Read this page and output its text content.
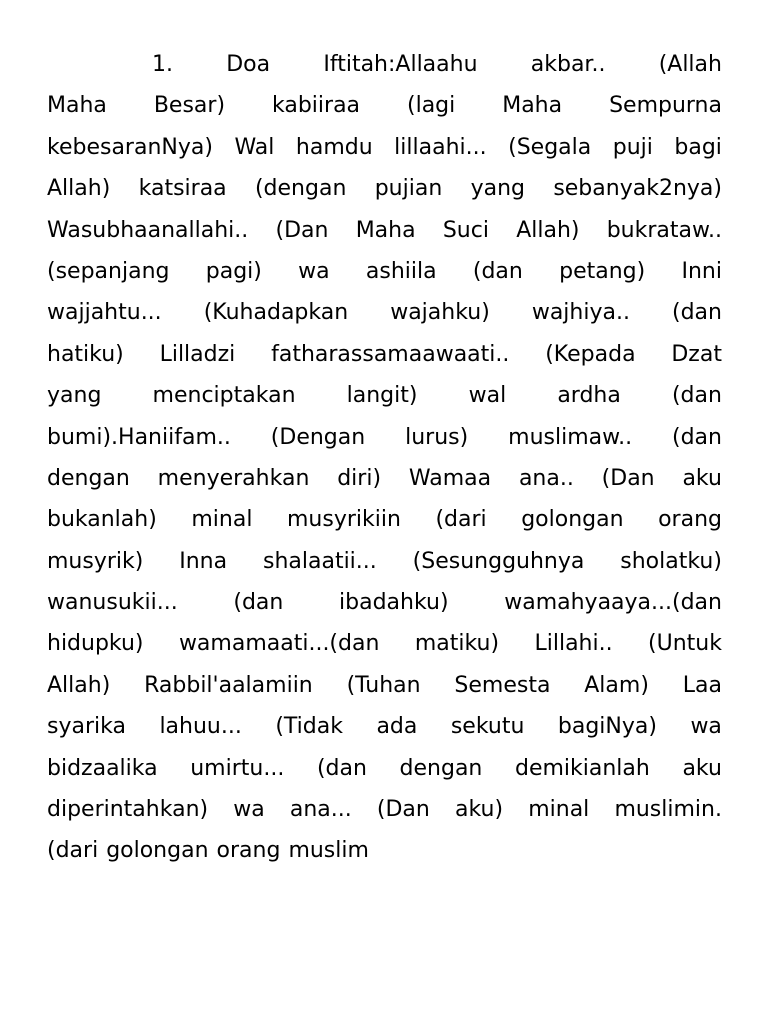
1. Doa Iftitah:Allaahu akbar.. (Allah
Maha Besar) kabiiraa (lagi Maha Sempurna
kebesaranNya) Wal hamdu lillaahi... (Segala puji bagi
Allah) katsiraa (dengan pujian yang sebanyak2nya)
Wasubhaanallahi.. (Dan Maha Suci Allah) bukrataw..
(sepanjang pagi) wa ashiila (dan petang) Inni
wajjahtu... (Kuhadapkan wajahku) wajhiya.. (dan
hatiku) Lilladzi fatharassamaawaati.. (Kepada Dzat
yang menciptakan langit) wal ardha (dan
bumi).Haniifam.. (Dengan lurus) muslimaw.. (dan
dengan menyerahkan diri) Wamaa ana.. (Dan aku
bukanlah) minal musyrikiin (dari golongan orang
musyrik) Inna shalaatii... (Sesungguhnya sholatku)
wanusukii...	(dan	ibadahku)	wamahyaaya...(dan
hidupku) wamamaati...(dan matiku) Lillahi.. (Untuk
Allah) Rabbil'aalamiin (Tuhan Semesta Alam) Laa
syarika lahuu... (Tidak ada sekutu bagiNya) wa
bidzaalika umirtu... (dan dengan demikianlah aku
diperintahkan) wa ana... (Dan aku) minal muslimin.
(dari golongan orang muslim
